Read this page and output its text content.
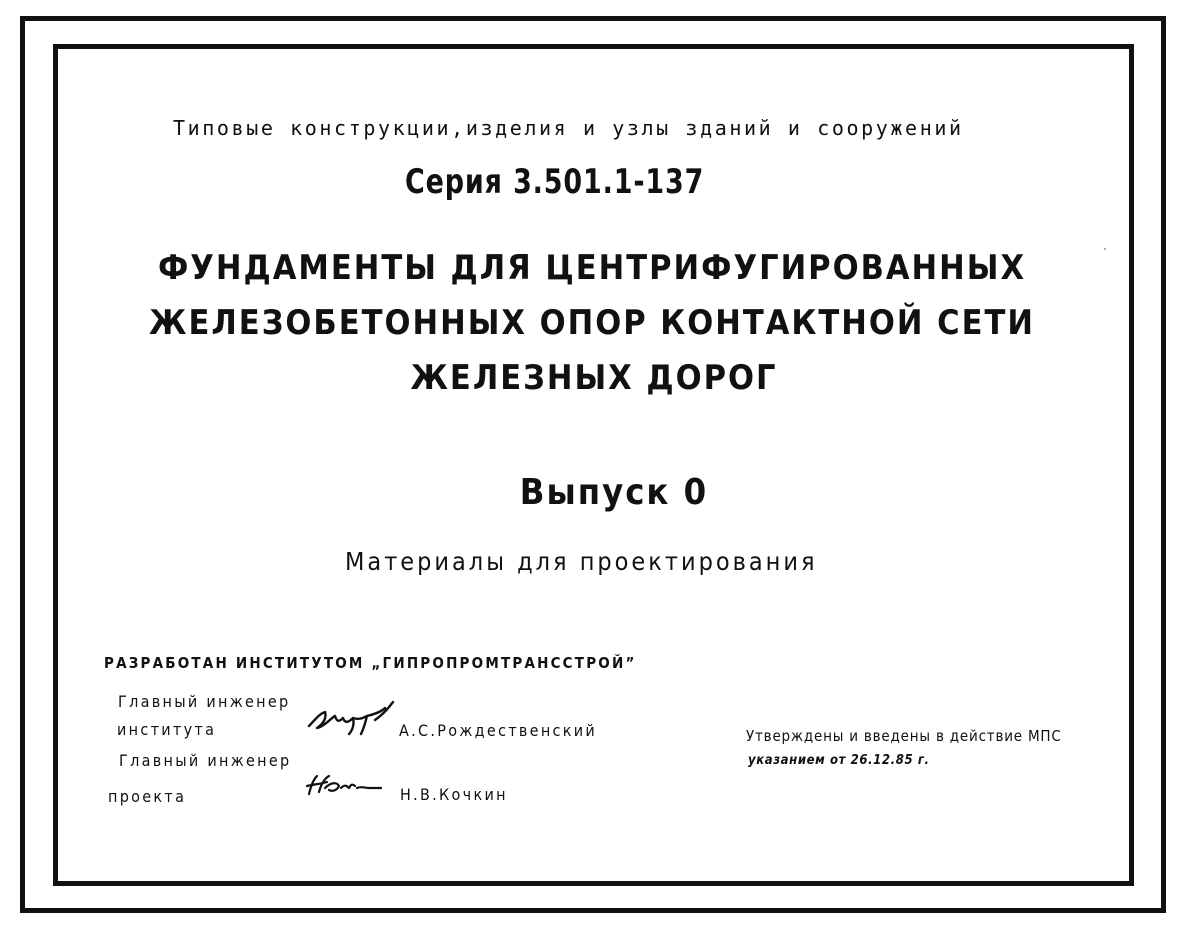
Типовые конструкции,изделия и узлы зданий и сооружений
Серия 3.501.1-137
ФУНДАМЕНТЫ ДЛЯ ЦЕНТРИФУГИРОВАННЫХ
ЖЕЛЕЗОБЕТОННЫХ ОПОР КОНТАКТНОЙ СЕТИ
ЖЕЛЕЗНЫХ ДОРОГ
Выпуск 0
Материалы для проектирования
РАЗРАБОТАН ИНСТИТУТОМ „ГИПРОПРОМТРАНССТРОЙ”
Главный инженер
института	А.С.Рождественский
Главный инженер
проекта	Н.В.Кочкин
Утверждены и введены в действие МПС
указанием от 26.12.85 г.
